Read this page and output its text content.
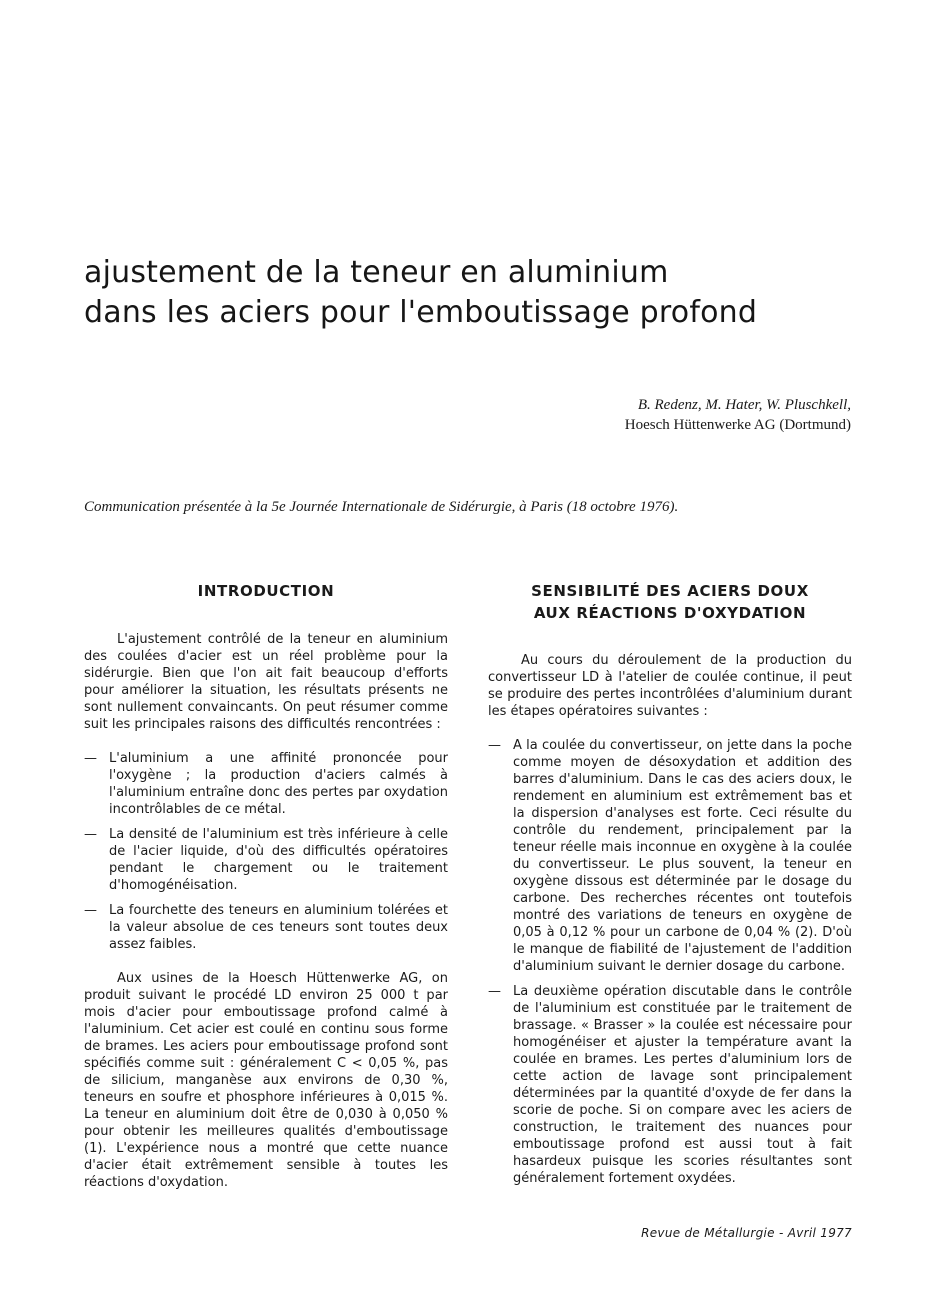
ajustement de la teneur en aluminium
dans les aciers pour l'emboutissage profond
B. Redenz, M. Hater, W. Pluschkell,
Hoesch Hüttenwerke AG (Dortmund)
Communication présentée à la 5e Journée Internationale de Sidérurgie, à Paris (18 octobre 1976).
INTRODUCTION

L'ajustement contrôlé de la teneur en aluminium des coulées d'acier est un réel problème pour la sidérurgie. Bien que l'on ait fait beaucoup d'efforts pour améliorer la situation, les résultats présents ne sont nullement convaincants. On peut résumer comme suit les principales raisons des difficultés rencontrées :

— L'aluminium a une affinité prononcée pour l'oxygène ; la production d'aciers calmés à l'aluminium entraîne donc des pertes par oxydation incontrôlables de ce métal.
— La densité de l'aluminium est très inférieure à celle de l'acier liquide, d'où des difficultés opératoires pendant le chargement ou le traitement d'homogénéisation.
— La fourchette des teneurs en aluminium tolérées et la valeur absolue de ces teneurs sont toutes deux assez faibles.

Aux usines de la Hoesch Hüttenwerke AG, on produit suivant le procédé LD environ 25 000 t par mois d'acier pour emboutissage profond calmé à l'aluminium. Cet acier est coulé en continu sous forme de brames. Les aciers pour emboutissage profond sont spécifiés comme suit : généralement C < 0,05 %, pas de silicium, manganèse aux environs de 0,30 %, teneurs en soufre et phosphore inférieures à 0,015 %. La teneur en aluminium doit être de 0,030 à 0,050 % pour obtenir les meilleures qualités d'emboutissage (1). L'expérience nous a montré que cette nuance d'acier était extrêmement sensible à toutes les réactions d'oxydation.

SENSIBILITÉ DES ACIERS DOUX
AUX RÉACTIONS D'OXYDATION

Au cours du déroulement de la production du convertisseur LD à l'atelier de coulée continue, il peut se produire des pertes incontrôlées d'aluminium durant les étapes opératoires suivantes :

— A la coulée du convertisseur, on jette dans la poche comme moyen de désoxydation et addition des barres d'aluminium. Dans le cas des aciers doux, le rendement en aluminium est extrêmement bas et la dispersion d'analyses est forte. Ceci résulte du contrôle du rendement, principalement par la teneur réelle mais inconnue en oxygène à la coulée du convertisseur. Le plus souvent, la teneur en oxygène dissous est déterminée par le dosage du carbone. Des recherches récentes ont toutefois montré des variations de teneurs en oxygène de 0,05 à 0,12 % pour un carbone de 0,04 % (2). D'où le manque de fiabilité de l'ajustement de l'addition d'aluminium suivant le dernier dosage du carbone.
— La deuxième opération discutable dans le contrôle de l'aluminium est constituée par le traitement de brassage. « Brasser » la coulée est nécessaire pour homogénéiser et ajuster la température avant la coulée en brames. Les pertes d'aluminium lors de cette action de lavage sont principalement déterminées par la quantité d'oxyde de fer dans la scorie de poche. Si on compare avec les aciers de construction, le traitement des nuances pour emboutissage profond est aussi tout à fait hasardeux puisque les scories résultantes sont généralement fortement oxydées.
Revue de Métallurgie - Avril 1977
